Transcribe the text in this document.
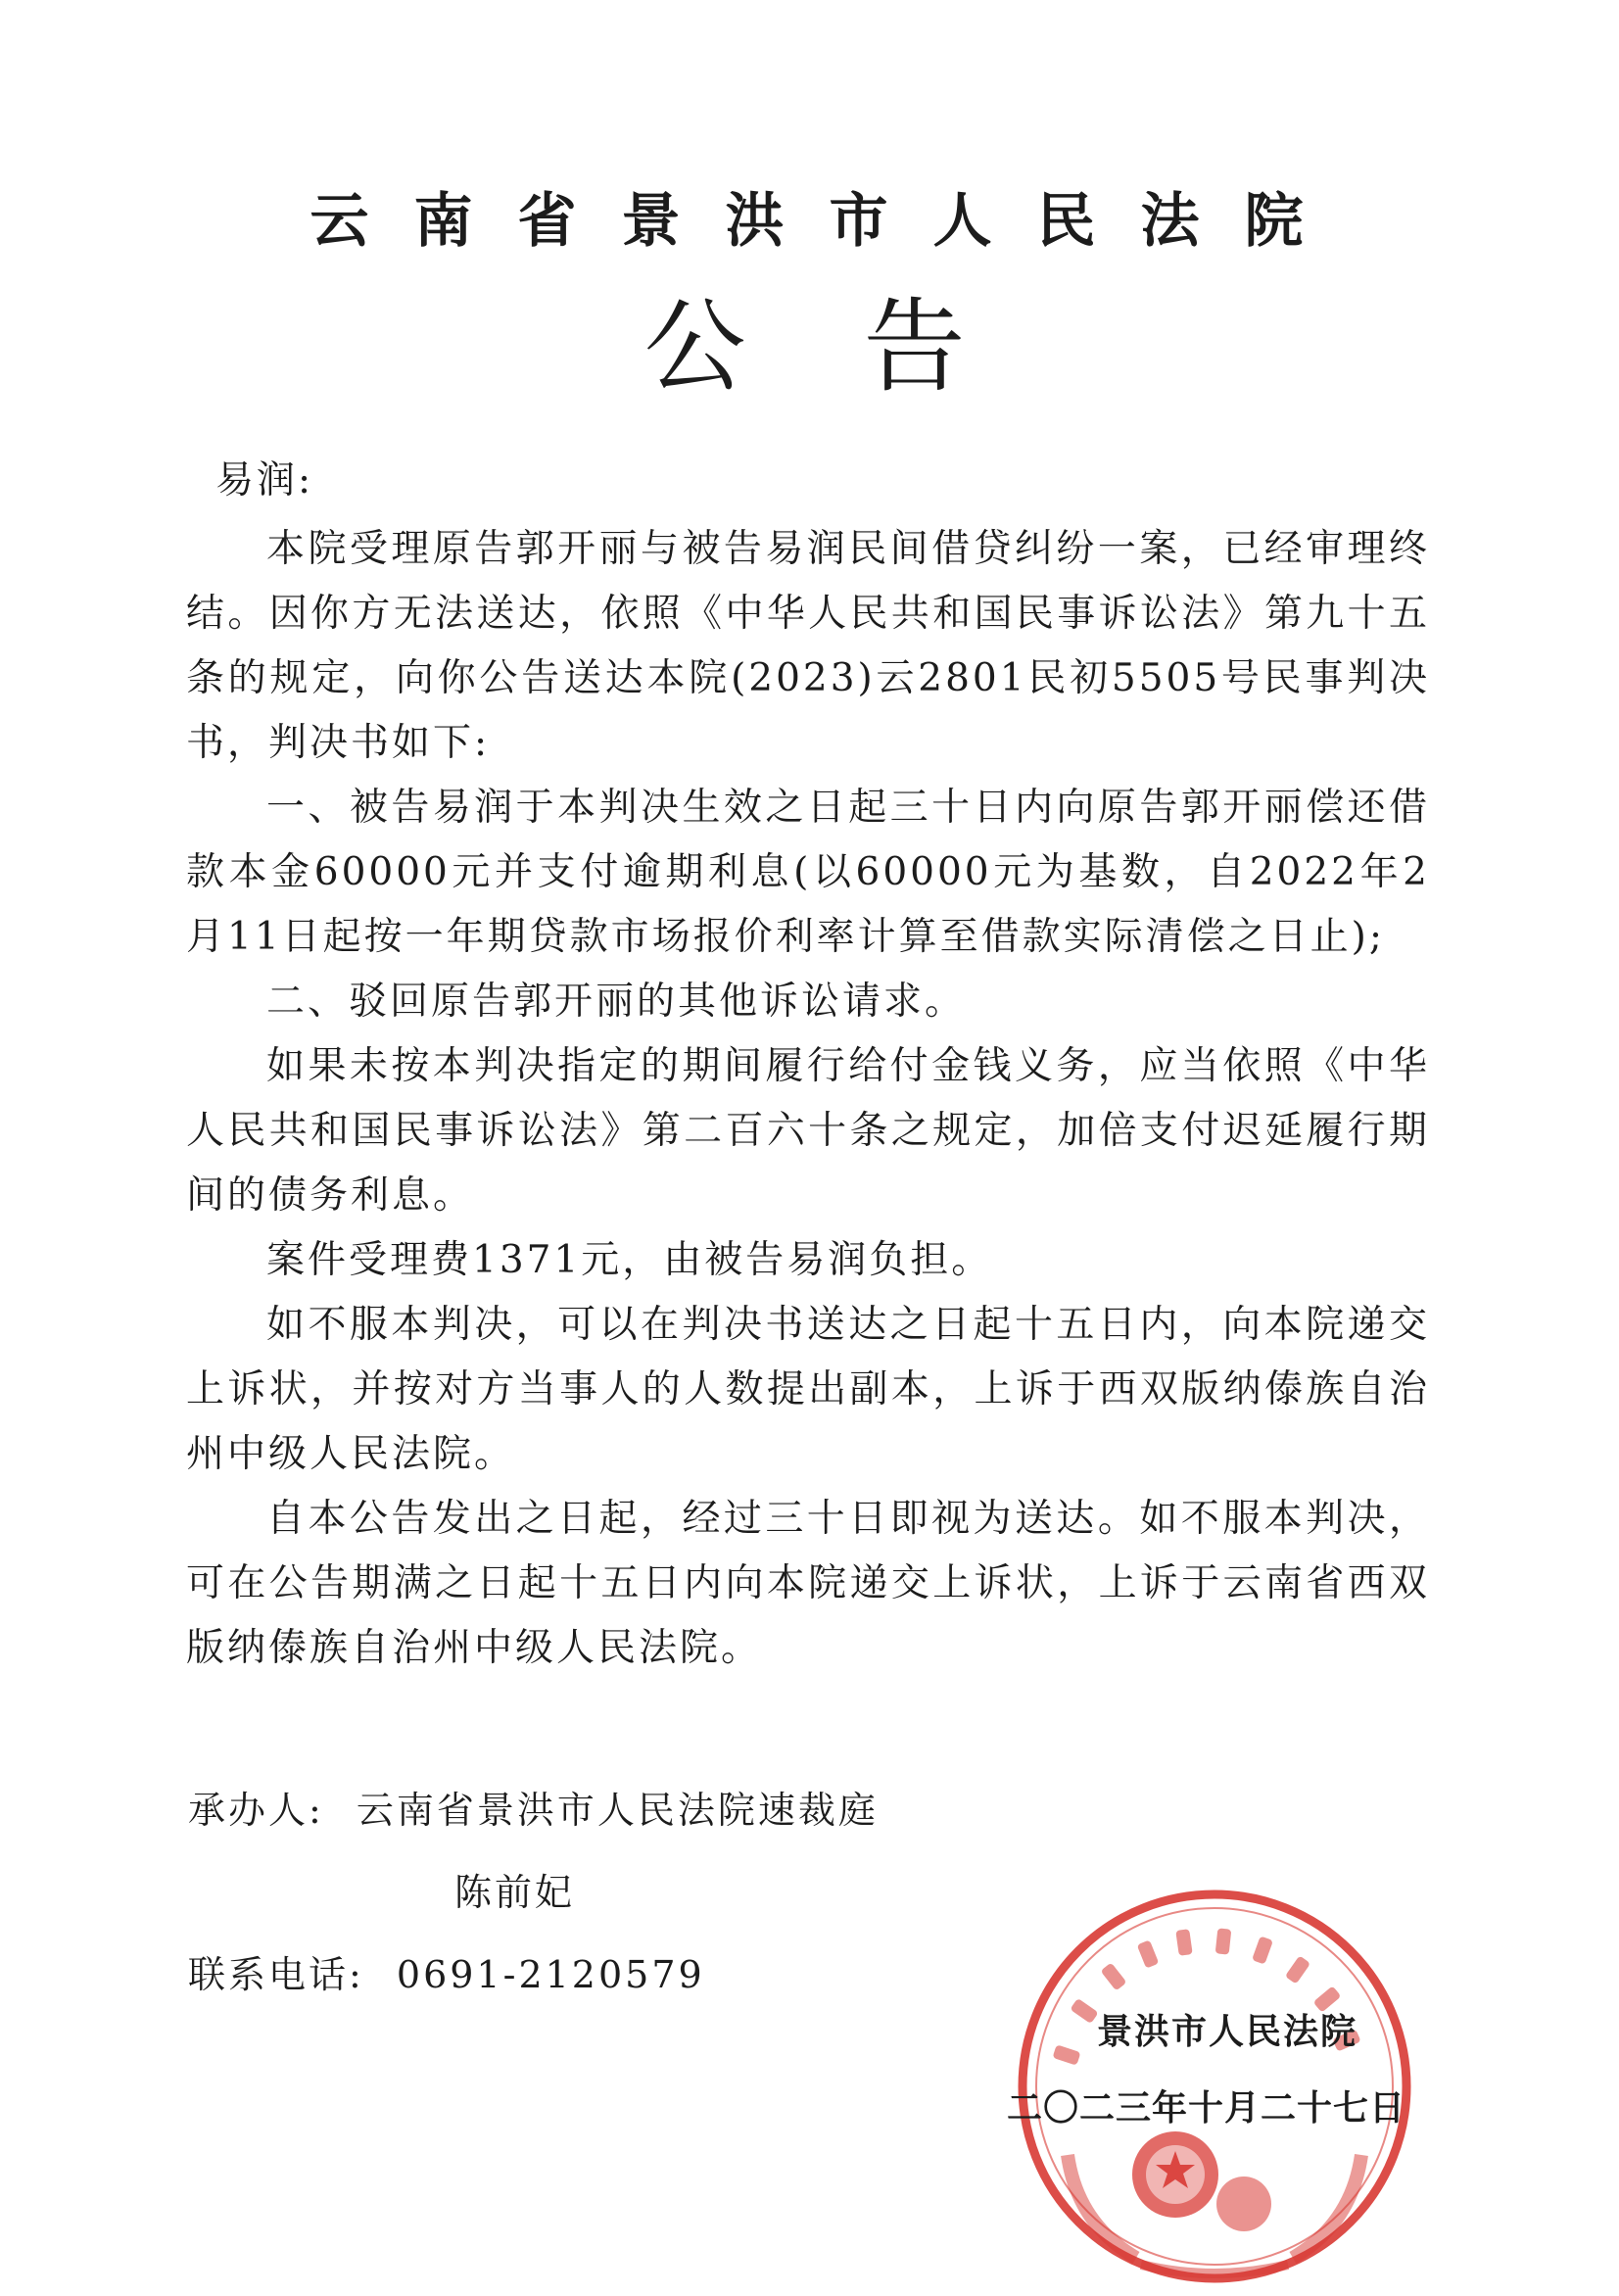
云南省景洪市人民法院
公告

易润:

本院受理原告郭开丽与被告易润民间借贷纠纷一案，已经审理终结。因你方无法送达，依照《中华人民共和国民事诉讼法》第九十五条的规定，向你公告送达本院(2023)云2801民初5505号民事判决书，判决书如下:

一、被告易润于本判决生效之日起三十日内向原告郭开丽偿还借款本金60000元并支付逾期利息(以60000元为基数，自2022年2月11日起按一年期贷款市场报价利率计算至借款实际清偿之日止);

二、驳回原告郭开丽的其他诉讼请求。

如果未按本判决指定的期间履行给付金钱义务，应当依照《中华人民共和国民事诉讼法》第二百六十条之规定，加倍支付迟延履行期间的债务利息。

案件受理费1371元，由被告易润负担。

如不服本判决，可以在判决书送达之日起十五日内，向本院递交上诉状，并按对方当事人的人数提出副本，上诉于西双版纳傣族自治州中级人民法院。

自本公告发出之日起，经过三十日即视为送达。如不服本判决，可在公告期满之日起十五日内向本院递交上诉状，上诉于云南省西双版纳傣族自治州中级人民法院。

承办人: 云南省景洪市人民法院速裁庭
陈前妃
联系电话: 0691-2120579
景洪市人民法院
二〇二三年十月二十七日
